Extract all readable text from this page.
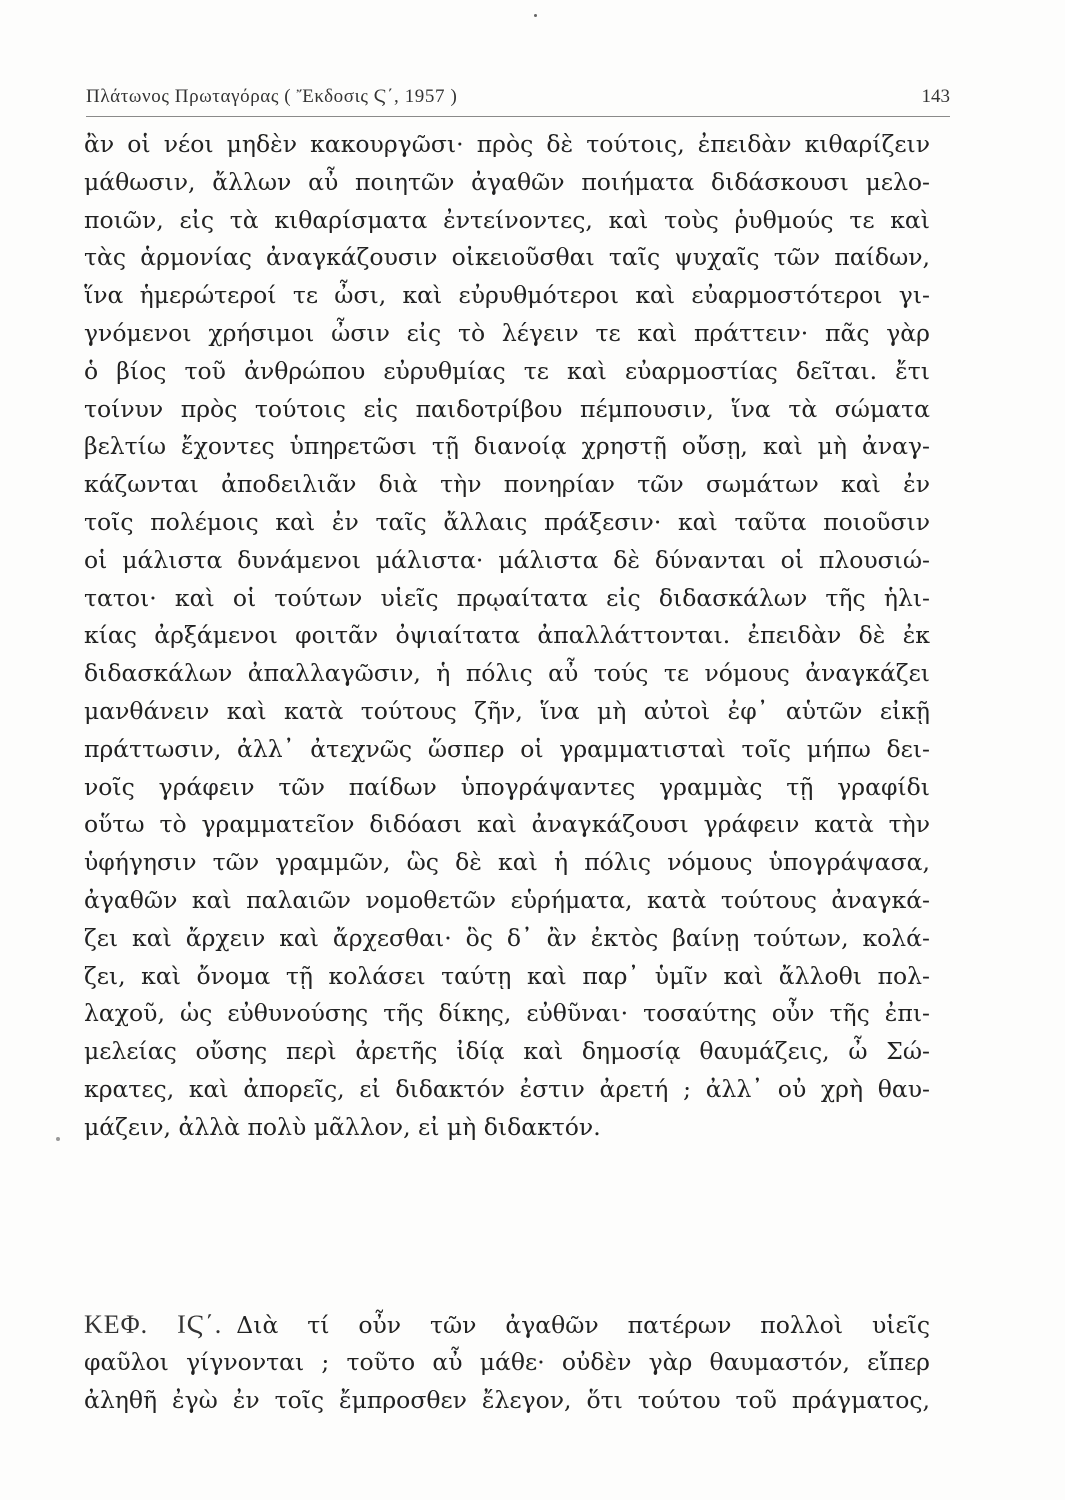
Πλάτωνος Πρωταγόρας ( Ἔκδοσις Ϛ΄, 1957 )	143
ἂν οἱ νέοι μηδὲν κακουργῶσι· πρὸς δὲ τούτοις, ἐπειδὰν κιθαρίζειν
μάθωσιν, ἄλλων αὖ ποιητῶν ἀγαθῶν ποιήματα διδάσκουσι μελο-
ποιῶν, εἰς τὰ κιθαρίσματα ἐντείνοντες, καὶ τοὺς ῥυθμούς τε καὶ
τὰς ἁρμονίας ἀναγκάζουσιν οἰκειοῦσθαι ταῖς ψυχαῖς τῶν παίδων,
ἵνα ἡμερώτεροί τε ὦσι, καὶ εὐρυθμότεροι καὶ εὐαρμοστότεροι γι-
γνόμενοι χρήσιμοι ὦσιν εἰς τὸ λέγειν τε καὶ πράττειν· πᾶς γὰρ
ὁ βίος τοῦ ἀνθρώπου εὐρυθμίας τε καὶ εὐαρμοστίας δεῖται. ἔτι
τοίνυν πρὸς τούτοις εἰς παιδοτρίβου πέμπουσιν, ἵνα τὰ σώματα
βελτίω ἔχοντες ὑπηρετῶσι τῇ διανοίᾳ χρηστῇ οὔσῃ, καὶ μὴ ἀναγ-
κάζωνται ἀποδειλιᾶν διὰ τὴν πονηρίαν τῶν σωμάτων καὶ ἐν
τοῖς πολέμοις καὶ ἐν ταῖς ἄλλαις πράξεσιν· καὶ ταῦτα ποιοῦσιν
οἱ μάλιστα δυνάμενοι μάλιστα· μάλιστα δὲ δύνανται οἱ πλουσιώ-
τατοι· καὶ οἱ τούτων υἱεῖς πρῳαίτατα εἰς διδασκάλων τῆς ἡλι-
κίας ἀρξάμενοι φοιτᾶν ὀψιαίτατα ἀπαλλάττονται. ἐπειδὰν δὲ ἐκ
διδασκάλων ἀπαλλαγῶσιν, ἡ πόλις αὖ τούς τε νόμους ἀναγκάζει
μανθάνειν καὶ κατὰ τούτους ζῆν, ἵνα μὴ αὐτοὶ ἐφ᾽ αὑτῶν εἰκῇ
πράττωσιν, ἀλλ᾽ ἀτεχνῶς ὥσπερ οἱ γραμματισταὶ τοῖς μήπω δει-
νοῖς γράφειν τῶν παίδων ὑπογράψαντες γραμμὰς τῇ γραφίδι
οὕτω τὸ γραμματεῖον διδόασι καὶ ἀναγκάζουσι γράφειν κατὰ τὴν
ὑφήγησιν τῶν γραμμῶν, ὣς δὲ καὶ ἡ πόλις νόμους ὑπογράψασα,
ἀγαθῶν καὶ παλαιῶν νομοθετῶν εὑρήματα, κατὰ τούτους ἀναγκά-
ζει καὶ ἄρχειν καὶ ἄρχεσθαι· ὃς δ᾽ ἂν ἐκτὸς βαίνῃ τούτων, κολά-
ζει, καὶ ὄνομα τῇ κολάσει ταύτῃ καὶ παρ᾽ ὑμῖν καὶ ἄλλοθι πολ-
λαχοῦ, ὡς εὐθυνούσης τῆς δίκης, εὐθῦναι· τοσαύτης οὖν τῆς ἐπι-
μελείας οὔσης περὶ ἀρετῆς ἰδίᾳ καὶ δημοσίᾳ θαυμάζεις, ὦ Σώ-
κρατες, καὶ ἀπορεῖς, εἰ διδακτόν ἐστιν ἀρετή ; ἀλλ᾽ οὐ χρὴ θαυ-
μάζειν, ἀλλὰ πολὺ μᾶλλον, εἰ μὴ διδακτόν.
ΚΕΦ. ΙϚ΄. Διὰ τί οὖν τῶν ἀγαθῶν πατέρων πολλοὶ υἱεῖς
φαῦλοι γίγνονται ; τοῦτο αὖ μάθε· οὐδὲν γὰρ θαυμαστόν, εἴπερ
ἀληθῆ ἐγὼ ἐν τοῖς ἔμπροσθεν ἔλεγον, ὅτι τούτου τοῦ πράγματος,
